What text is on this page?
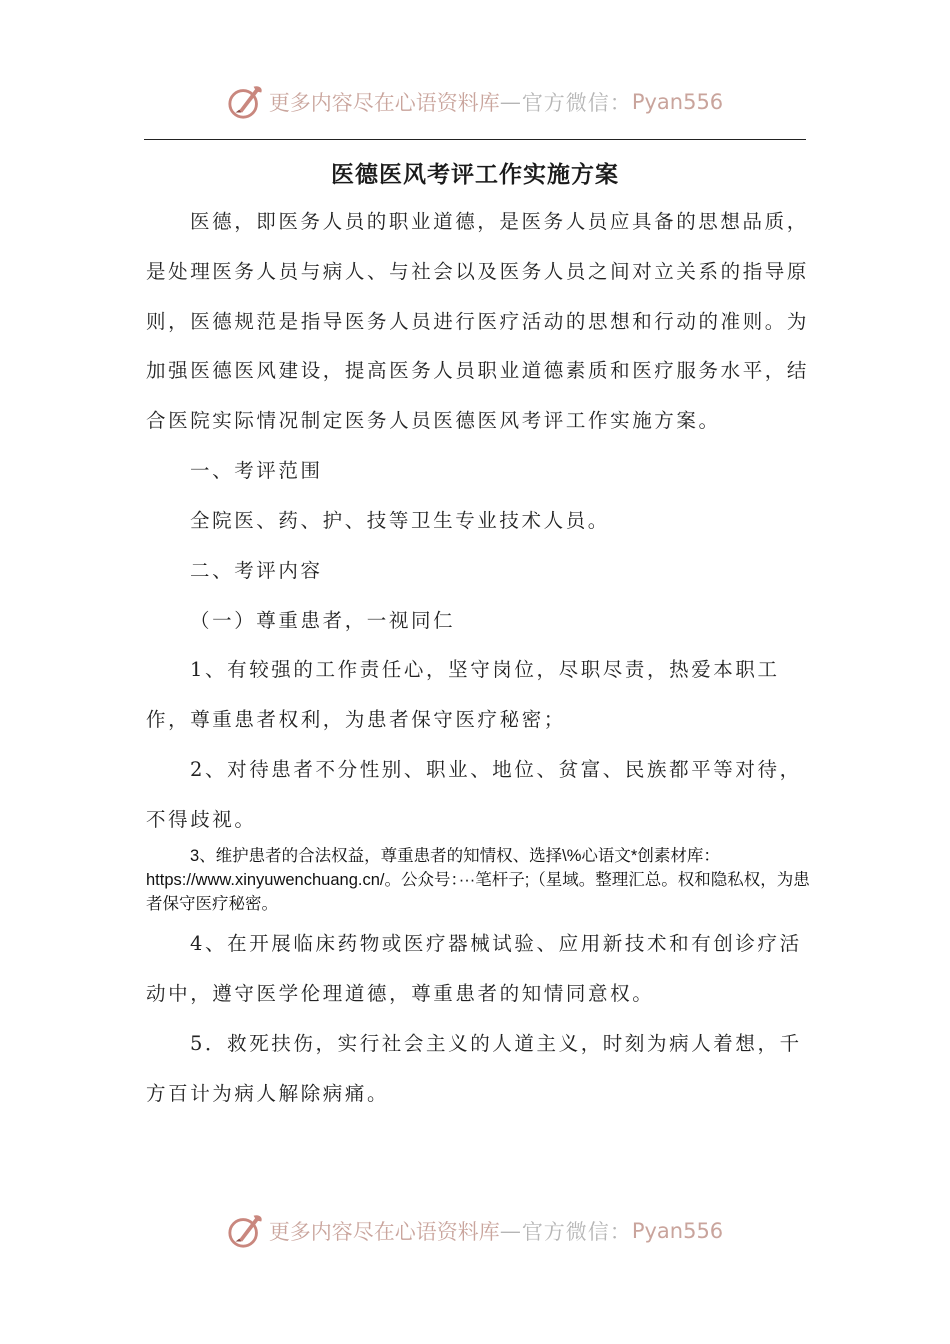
更多内容尽在心语资料库 — 官方微信： Pyan556
医德医风考评工作实施方案

医德，即医务人员的职业道德，是医务人员应具备的思想品质，是处理医务人员与病人、与社会以及医务人员之间对立关系的指导原则，医德规范是指导医务人员进行医疗活动的思想和行动的准则。为加强医德医风建设，提高医务人员职业道德素质和医疗服务水平，结合医院实际情况制定医务人员医德医风考评工作实施方案。

一、考评范围

全院医、药、护、技等卫生专业技术人员。

二、考评内容

（一）尊重患者，一视同仁

1、有较强的工作责任心，坚守岗位，尽职尽责，热爱本职工作，尊重患者权利，为患者保守医疗秘密；

2、对待患者不分性别、职业、地位、贫富、民族都平等对待，不得歧视。

3、维护患者的合法权益，尊重患者的知情权、选择\%心语文*创素材库：https://www.xinyuwenchuang.cn/。公众号：···笔杆子;（星域。整理汇总。权和隐私权，为患者保守医疗秘密。

4、在开展临床药物或医疗器械试验、应用新技术和有创诊疗活动中，遵守医学伦理道德，尊重患者的知情同意权。

5．救死扶伤，实行社会主义的人道主义，时刻为病人着想，千方百计为病人解除病痛。

更多内容尽在心语资料库 — 官方微信： Pyan556
